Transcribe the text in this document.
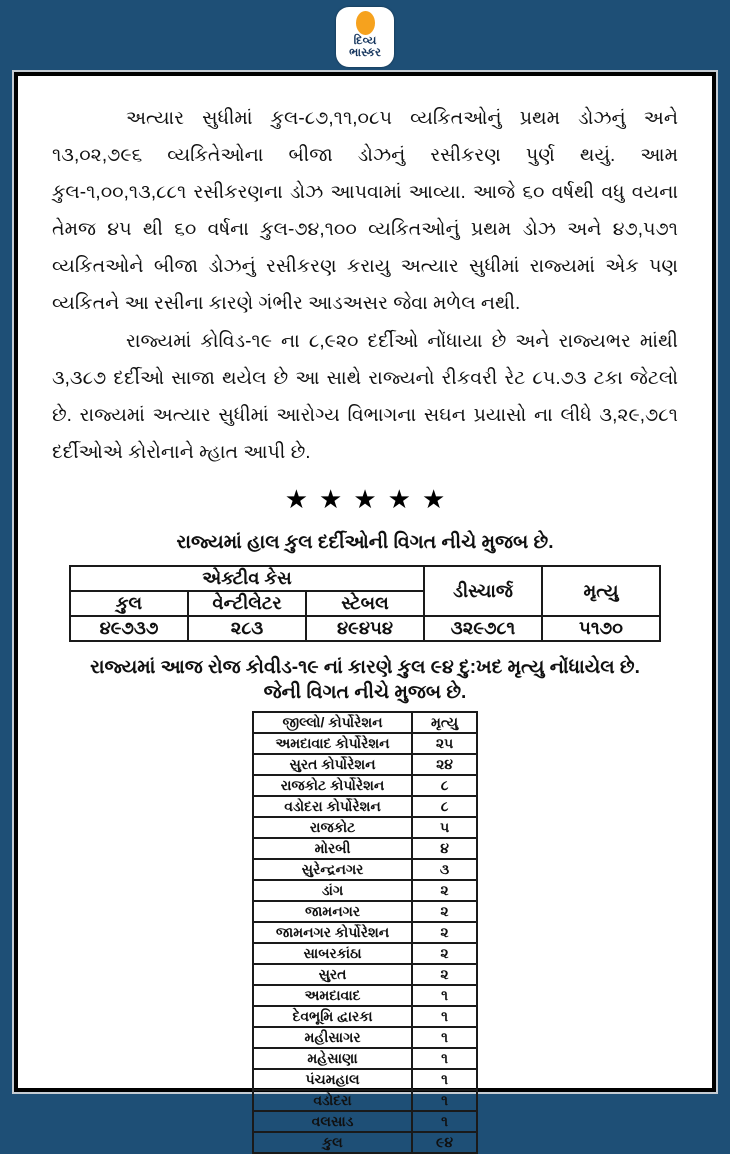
દિવ્ય
ભાસ્કર

અત્યાર સુધીમાં કુલ-૮૭,૧૧,૦૮૫ વ્યકિતઓનું પ્રથમ ડોઝનું અને ૧૩,૦૨,૭૯૬ વ્યકિતેઓના બીજા ડોઝનું રસીકરણ પુર્ણ થયું. આમ કુલ-૧,૦૦,૧૩,૮૮૧ રસીકરણના ડોઝ આપવામાં આવ્યા. આજે ૬૦ વર્ષથી વધુ વયના તેમજ ૪૫ થી ૬૦ વર્ષના કુલ-૭૪,૧૦૦ વ્યકિતઓનું પ્રથમ ડોઝ અને ૪૭,૫૭૧ વ્યકિતઓને બીજા ડોઝનું રસીકરણ કરાયુ અત્યાર સુધીમાં રાજ્યમાં એક પણ વ્યકિતને આ રસીના કારણે ગંભીર આડઅસર જેવા મળેલ નથી.

રાજ્યમાં કોવિડ-૧૯ ના ૮,૯૨૦ દર્દીઓ નોંધાયા છે અને રાજ્યભર માંથી ૩,૩૮૭ દર્દીઓ સાજા થયેલ છે આ સાથે રાજ્યનો રીકવરી રેટ ૮૫.૭૩ ટકા જેટલો છે. રાજ્યમાં અત્યાર સુધીમાં આરોગ્ય વિભાગના સઘન પ્રયાસો ના લીધે ૩,૨૯,૭૮૧ દર્દીઓએ કોરોનાને મ્હાત આપી છે.

★★★★★

રાજ્યમાં હાલ કુલ દર્દીઓની વિગત નીચે મુજબ છે.

એક્ટીવ કેસ			ડીસ્ચાર્જ	મૃત્યુ
કુલ	વેન્ટીલેટર	સ્ટેબલ		
૪૯૭૩૭	૨૮૩	૪૯૪૫૪	૩૨૯૭૮૧	૫૧૭૦

રાજ્યમાં આજ રોજ કોવીડ-૧૯ નાં કારણે કુલ ૯૪ દુ:ખદ મૃત્યુ નોંધાયેલ છે.

જેની વિગત નીચે મુજબ છે.

જીલ્લો/ કોર્પોરેશન	મૃત્યુ
અમદાવાદ કોર્પોરેશન	૨૫
સુરત કોર્પોરેશન	૨૪
રાજકોટ કોર્પોરેશન	૮
વડોદરા કોર્પોરેશન	૮
રાજકોટ	૫
મોરબી	૪
સુરેન્દ્રનગર	૩
ડાંગ	૨
જામનગર	૨
જામનગર કોર્પોરેશન	૨
સાબરકાંઠા	૨
સુરત	૨
અમદાવાદ	૧
દેવભૂમિ દ્વારકા	૧
મહીસાગર	૧
મહેસાણા	૧
પંચમહાલ	૧
વડોદરા	૧
વલસાડ	૧
કુલ	૯૪
